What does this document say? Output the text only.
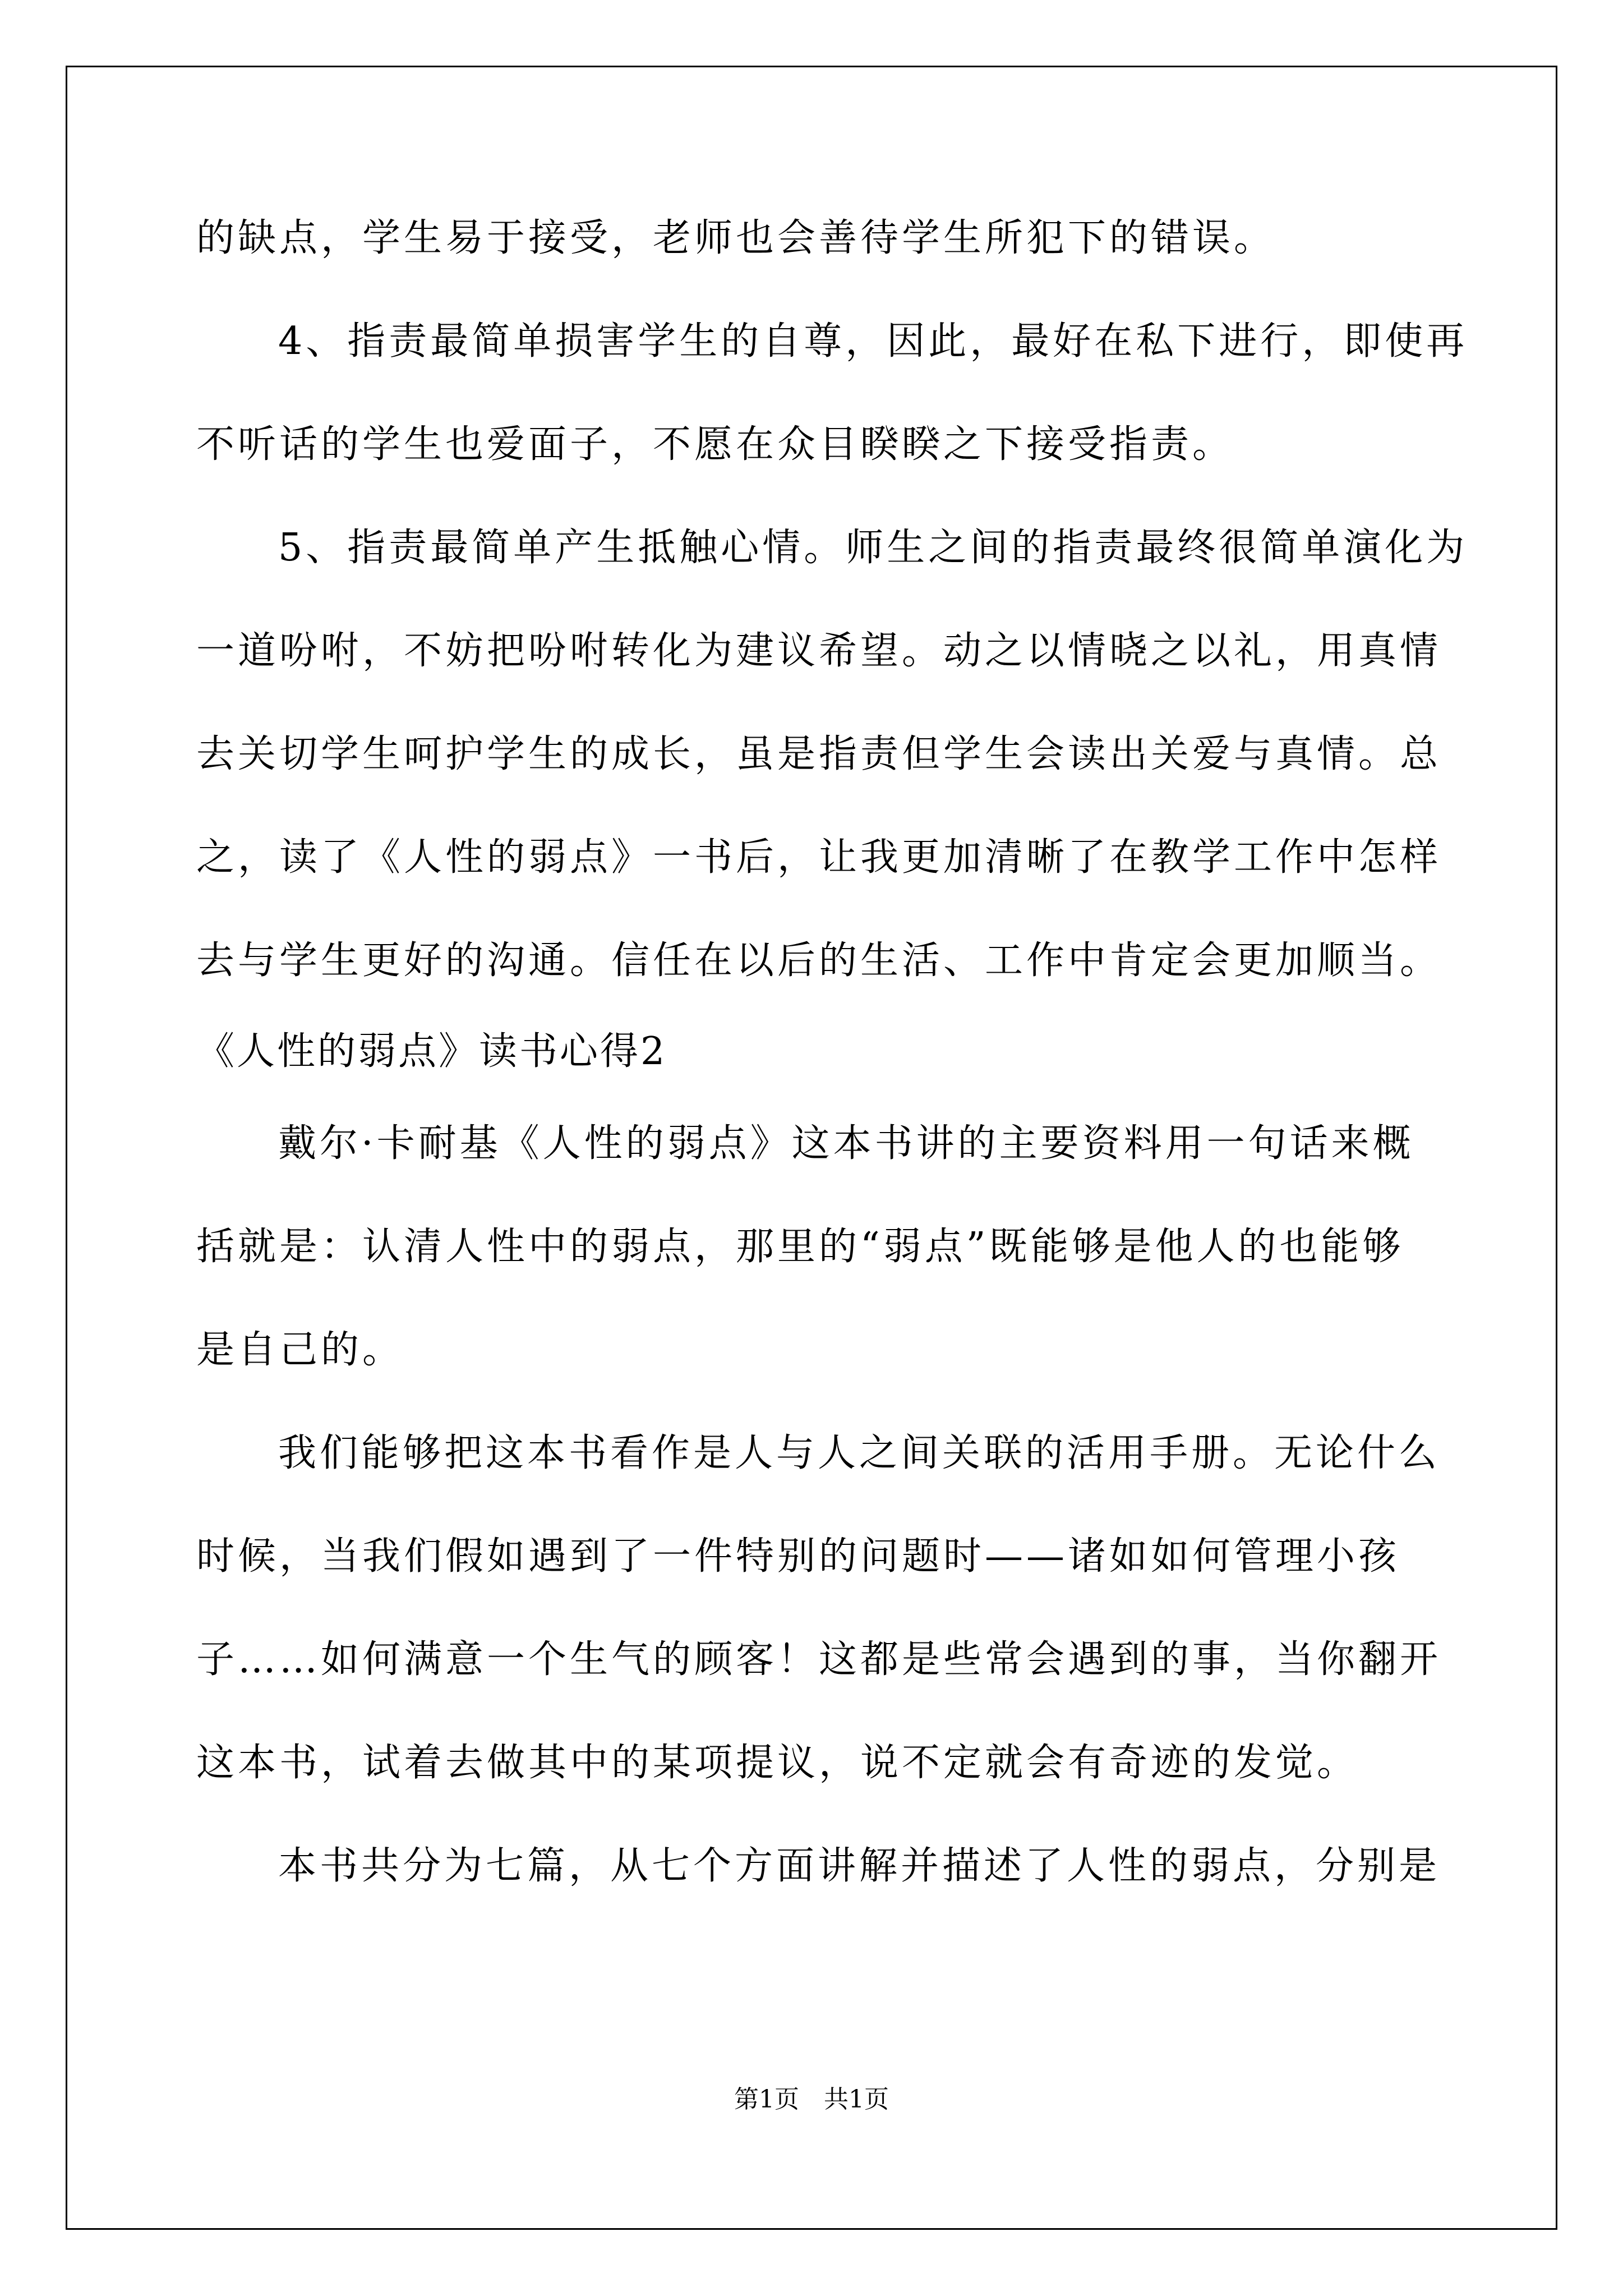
的缺点，学生易于接受，老师也会善待学生所犯下的错误。
4、指责最简单损害学生的自尊，因此，最好在私下进行，即使再
不听话的学生也爱面子，不愿在众目睽睽之下接受指责。
5、指责最简单产生抵触心情。师生之间的指责最终很简单演化为
一道吩咐，不妨把吩咐转化为建议希望。动之以情晓之以礼，用真情
去关切学生呵护学生的成长，虽是指责但学生会读出关爱与真情。总
之，读了《人性的弱点》一书后，让我更加清晰了在教学工作中怎样
去与学生更好的沟通。信任在以后的生活、工作中肯定会更加顺当。
《人性的弱点》读书心得2
戴尔·卡耐基《人性的弱点》这本书讲的主要资料用一句话来概
括就是：认清人性中的弱点，那里的“弱点”既能够是他人的也能够
是自己的。
我们能够把这本书看作是人与人之间关联的活用手册。无论什么
时候，当我们假如遇到了一件特别的问题时——诸如如何管理小孩
子……如何满意一个生气的顾客！这都是些常会遇到的事，当你翻开
这本书，试着去做其中的某项提议，说不定就会有奇迹的发觉。
本书共分为七篇，从七个方面讲解并描述了人性的弱点，分别是
第1页 共1页
